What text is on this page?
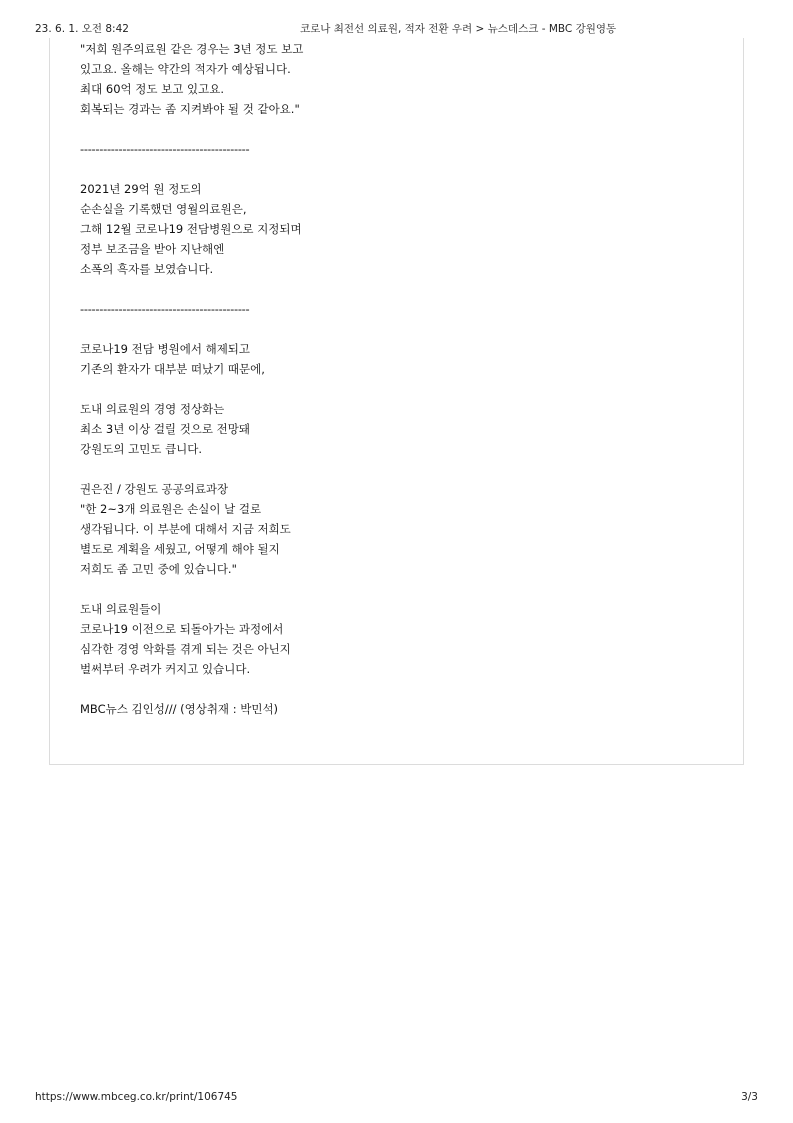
23. 6. 1. 오전 8:42	코로나 최전선 의료원, 적자 전환 우려 > 뉴스데스크 - MBC 강원영동
"저희 원주의료원 같은 경우는 3년 정도 보고
있고요. 올해는 약간의 적자가 예상됩니다.
최대 60억 정도 보고 있고요.
회복되는 경과는 좀 지켜봐야 될 것 같아요."
--------------------------------------------
2021년 29억 원 정도의
순손실을 기록했던 영월의료원은,
그해 12월 코로나19 전담병원으로 지정되며
정부 보조금을 받아 지난해엔
소폭의 흑자를 보였습니다.
--------------------------------------------
코로나19 전담 병원에서 해제되고
기존의 환자가 대부분 떠났기 때문에,
도내 의료원의 경영 정상화는
최소 3년 이상 걸릴 것으로 전망돼
강원도의 고민도 큽니다.
권은진 / 강원도 공공의료과장
"한 2~3개 의료원은 손실이 날 걸로
생각됩니다. 이 부분에 대해서 지금 저희도
별도로 계획을 세웠고, 어떻게 해야 될지
저희도 좀 고민 중에 있습니다."
도내 의료원들이
코로나19 이전으로 되돌아가는 과정에서
심각한 경영 악화를 겪게 되는 것은 아닌지
벌써부터 우려가 커지고 있습니다.
MBC뉴스 김인성/// (영상취재 : 박민석)
https://www.mbceg.co.kr/print/106745	3/3
